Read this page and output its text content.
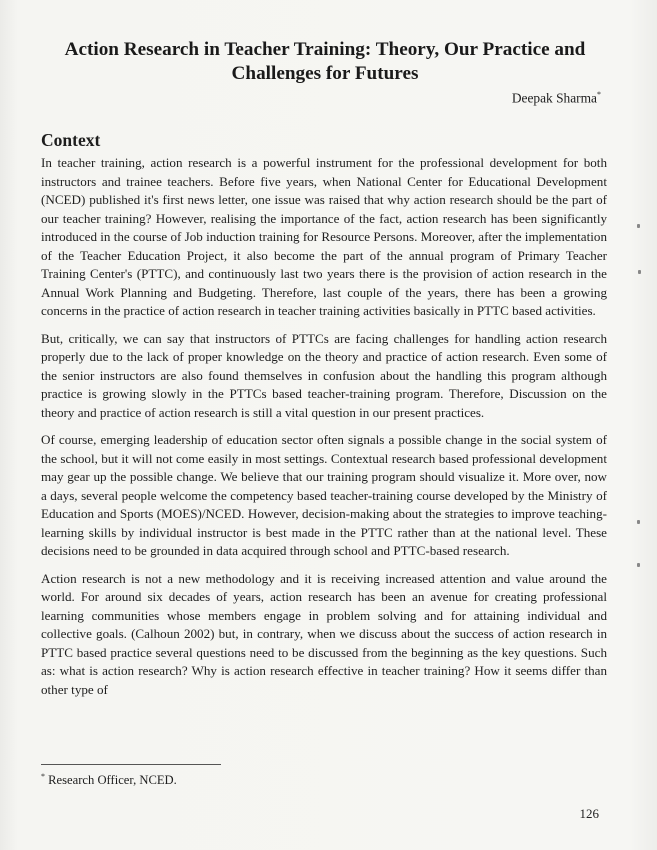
Action Research in Teacher Training: Theory, Our Practice and
Challenges for Futures
Deepak Sharma*
Context

In teacher training, action research is a powerful instrument for the professional development for both instructors and trainee teachers. Before five years, when National Center for Educational Development (NCED) published it's first news letter, one issue was raised that why action research should be the part of our teacher training? However, realising the importance of the fact, action research has been significantly introduced in the course of Job induction training for Resource Persons. Moreover, after the implementation of the Teacher Education Project, it also become the part of the annual program of Primary Teacher Training Center's (PTTC), and continuously last two years there is the provision of action research in the Annual Work Planning and Budgeting. Therefore, last couple of the years, there has been a growing concerns in the practice of action research in teacher training activities basically in PTTC based activities.

But, critically, we can say that instructors of PTTCs are facing challenges for handling action research properly due to the lack of proper knowledge on the theory and practice of action research. Even some of the senior instructors are also found themselves in confusion about the handling this program although practice is growing slowly in the PTTCs based teacher-training program. Therefore, Discussion on the theory and practice of action research is still a vital question in our present practices.

Of course, emerging leadership of education sector often signals a possible change in the social system of the school, but it will not come easily in most settings. Contextual research based professional development may gear up the possible change. We believe that our training program should visualize it. More over, now a days, several people welcome the competency based teacher-training course developed by the Ministry of Education and Sports (MOES)/NCED. However, decision-making about the strategies to improve teaching-learning skills by individual instructor is best made in the PTTC rather than at the national level. These decisions need to be grounded in data acquired through school and PTTC-based research.

Action research is not a new methodology and it is receiving increased attention and value around the world. For around six decades of years, action research has been an avenue for creating professional learning communities whose members engage in problem solving and for attaining individual and collective goals. (Calhoun 2002) but, in contrary, when we discuss about the success of action research in PTTC based practice several questions need to be discussed from the beginning as the key questions. Such as: what is action research? Why is action research effective in teacher training? How it seems differ than other type of

* Research Officer, NCED.
126
